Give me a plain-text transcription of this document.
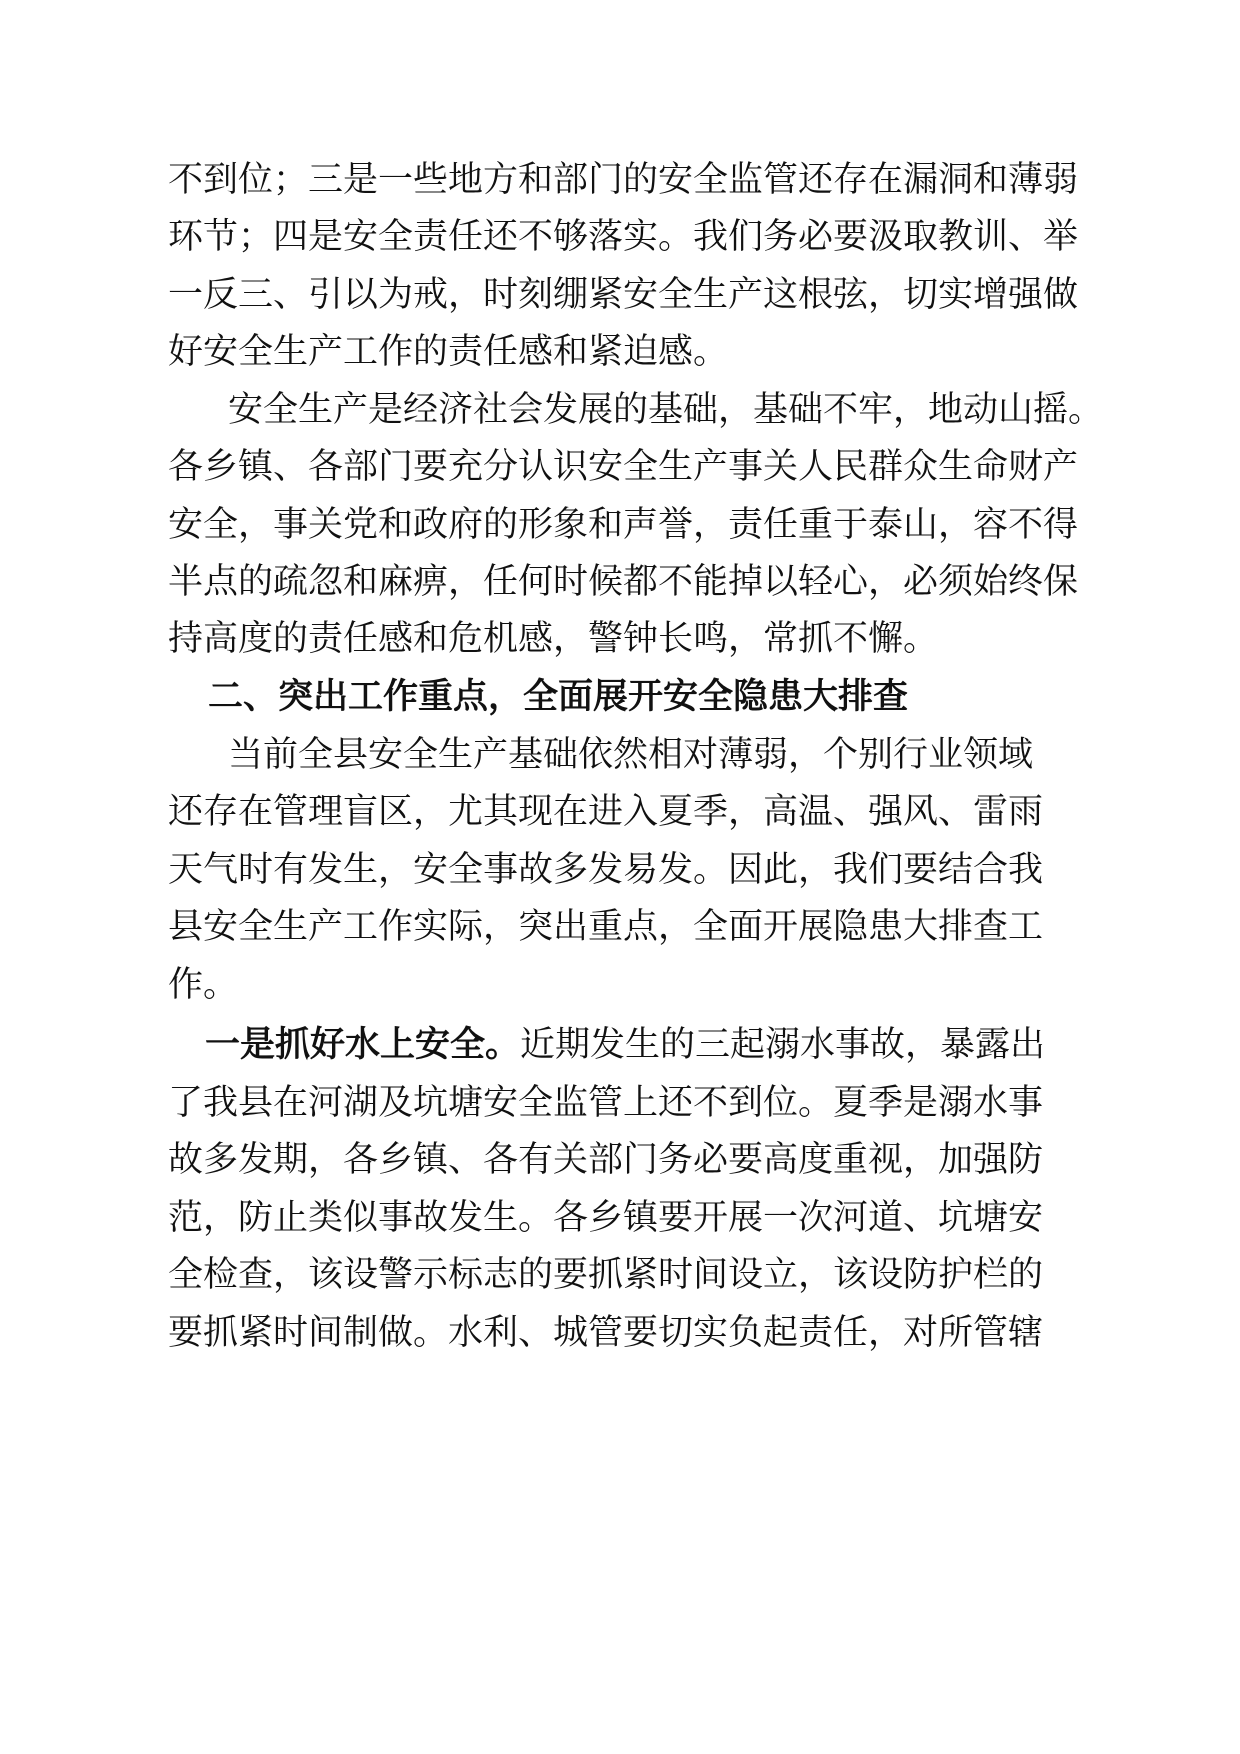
不到位；三是一些地方和部门的安全监管还存在漏洞和薄弱
环节；四是安全责任还不够落实。我们务必要汲取教训、举
一反三、引以为戒，时刻绷紧安全生产这根弦，切实增强做
好安全生产工作的责任感和紧迫感。
安全生产是经济社会发展的基础，基础不牢，地动山摇。
各乡镇、各部门要充分认识安全生产事关人民群众生命财产
安全，事关党和政府的形象和声誉，责任重于泰山，容不得
半点的疏忽和麻痹，任何时候都不能掉以轻心，必须始终保
持高度的责任感和危机感，警钟长鸣，常抓不懈。
二、突出工作重点，全面展开安全隐患大排查
当前全县安全生产基础依然相对薄弱，个别行业领域
还存在管理盲区，尤其现在进入夏季，高温、强风、雷雨
天气时有发生，安全事故多发易发。因此，我们要结合我
县安全生产工作实际，突出重点，全面开展隐患大排查工
作。
一是抓好水上安全。近期发生的三起溺水事故，暴露出
了我县在河湖及坑塘安全监管上还不到位。夏季是溺水事
故多发期，各乡镇、各有关部门务必要高度重视，加强防
范，防止类似事故发生。各乡镇要开展一次河道、坑塘安
全检查，该设警示标志的要抓紧时间设立，该设防护栏的
要抓紧时间制做。水利、城管要切实负起责任，对所管辖
